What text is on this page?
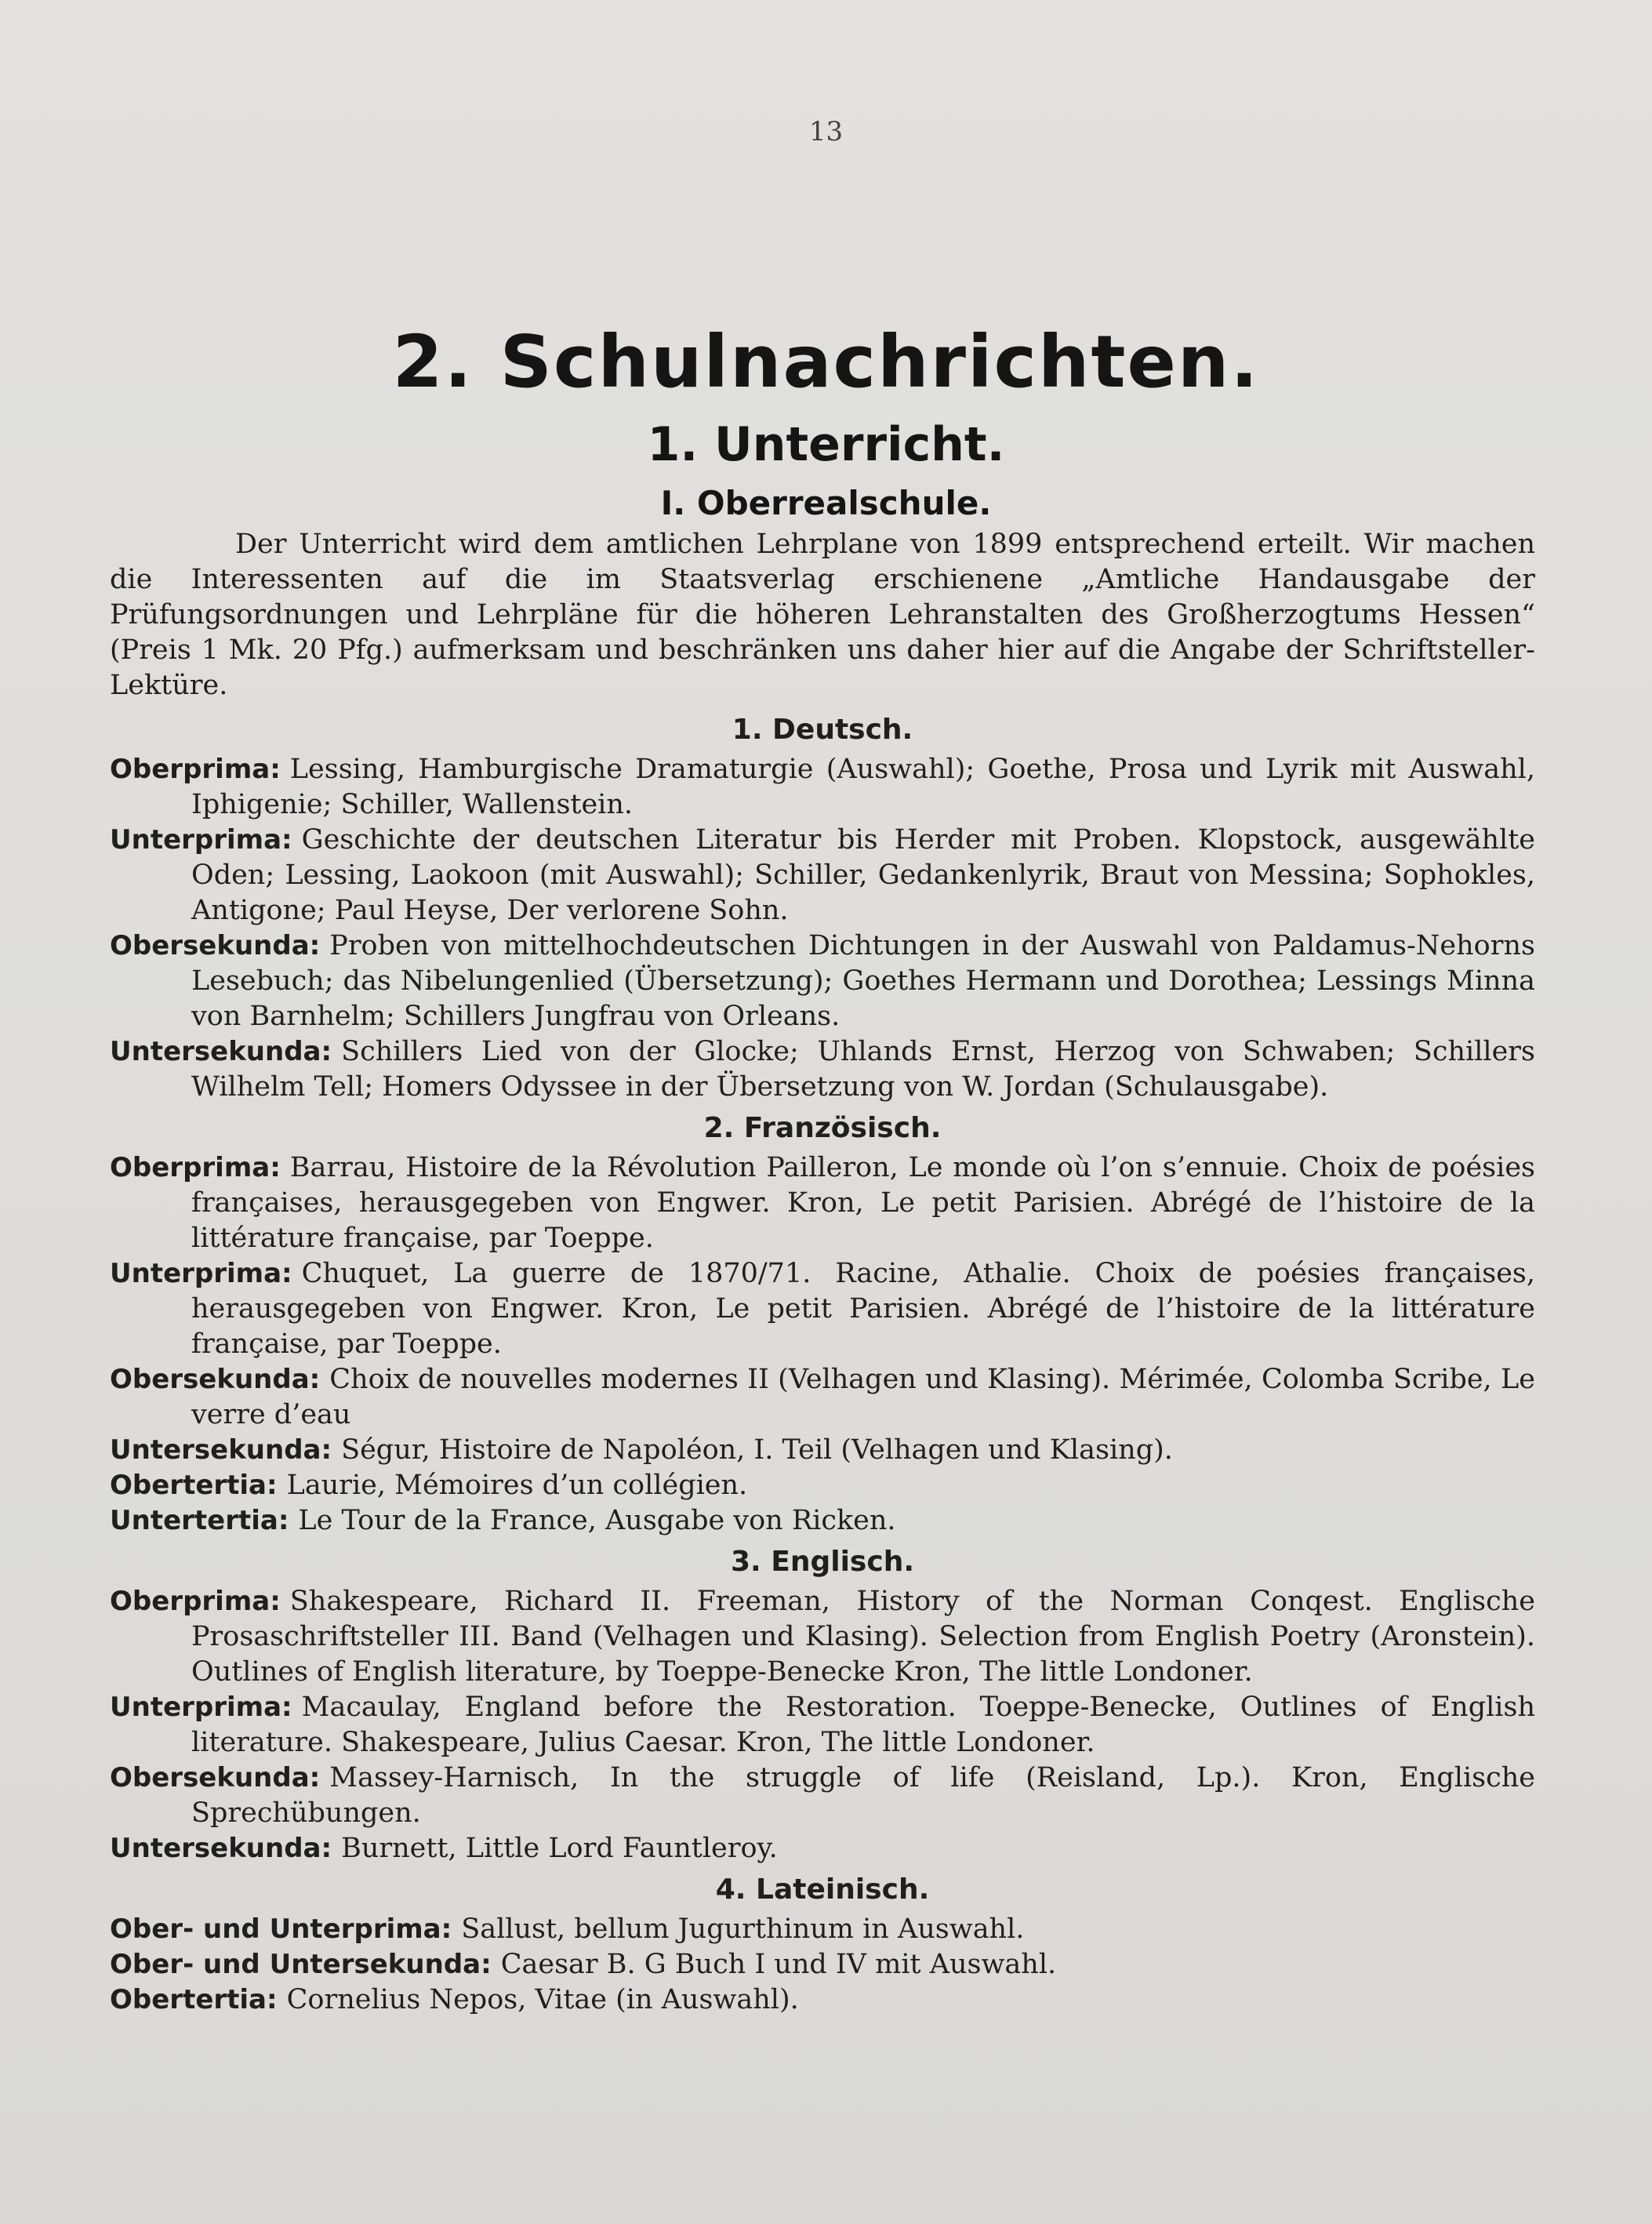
13
2. Schulnachrichten.
1. Unterricht.
I. Oberrealschule.

Der Unterricht wird dem amtlichen Lehrplane von 1899 entsprechend erteilt. Wir machen die Interessenten auf die im Staatsverlag erschienene „Amtliche Handausgabe der Prüfungsordnungen und Lehrpläne für die höheren Lehranstalten des Großherzogtums Hessen“ (Preis 1 Mk. 20 Pfg.) aufmerksam und beschränken uns daher hier auf die Angabe der Schriftsteller-Lektüre.

1. Deutsch.

Oberprima: Lessing, Hamburgische Dramaturgie (Auswahl); Goethe, Prosa und Lyrik mit Auswahl, Iphigenie; Schiller, Wallenstein.

Unterprima: Geschichte der deutschen Literatur bis Herder mit Proben. Klopstock, ausgewählte Oden; Lessing, Laokoon (mit Auswahl); Schiller, Gedankenlyrik, Braut von Messina; Sophokles, Antigone; Paul Heyse, Der verlorene Sohn.

Obersekunda: Proben von mittelhochdeutschen Dichtungen in der Auswahl von Paldamus-Nehorns Lesebuch; das Nibelungenlied (Übersetzung); Goethes Hermann und Dorothea; Lessings Minna von Barnhelm; Schillers Jungfrau von Orleans.

Untersekunda: Schillers Lied von der Glocke; Uhlands Ernst, Herzog von Schwaben; Schillers Wilhelm Tell; Homers Odyssee in der Übersetzung von W. Jordan (Schulausgabe).

2. Französisch.

Oberprima: Barrau, Histoire de la Révolution Pailleron, Le monde où l’on s’ennuie. Choix de poésies françaises, herausgegeben von Engwer. Kron, Le petit Parisien. Abrégé de l’histoire de la littérature française, par Toeppe.

Unterprima: Chuquet, La guerre de 1870/71. Racine, Athalie. Choix de poésies françaises, herausgegeben von Engwer. Kron, Le petit Parisien. Abrégé de l’histoire de la littérature française, par Toeppe.

Obersekunda: Choix de nouvelles modernes II (Velhagen und Klasing). Mérimée, Colomba Scribe, Le verre d’eau

Untersekunda: Ségur, Histoire de Napoléon, I. Teil (Velhagen und Klasing).

Obertertia: Laurie, Mémoires d’un collégien.

Untertertia: Le Tour de la France, Ausgabe von Ricken.

3. Englisch.

Oberprima: Shakespeare, Richard II. Freeman, History of the Norman Conqest. Englische Prosaschriftsteller III. Band (Velhagen und Klasing). Selection from English Poetry (Aronstein). Outlines of English literature, by Toeppe-Benecke Kron, The little Londoner.

Unterprima: Macaulay, England before the Restoration. Toeppe-Benecke, Outlines of English literature. Shakespeare, Julius Caesar. Kron, The little Londoner.

Obersekunda: Massey-Harnisch, In the struggle of life (Reisland, Lp.). Kron, Englische Sprechübungen.

Untersekunda: Burnett, Little Lord Fauntleroy.

4. Lateinisch.

Ober- und Unterprima: Sallust, bellum Jugurthinum in Auswahl.

Ober- und Untersekunda: Caesar B. G Buch I und IV mit Auswahl.

Obertertia: Cornelius Nepos, Vitae (in Auswahl).
